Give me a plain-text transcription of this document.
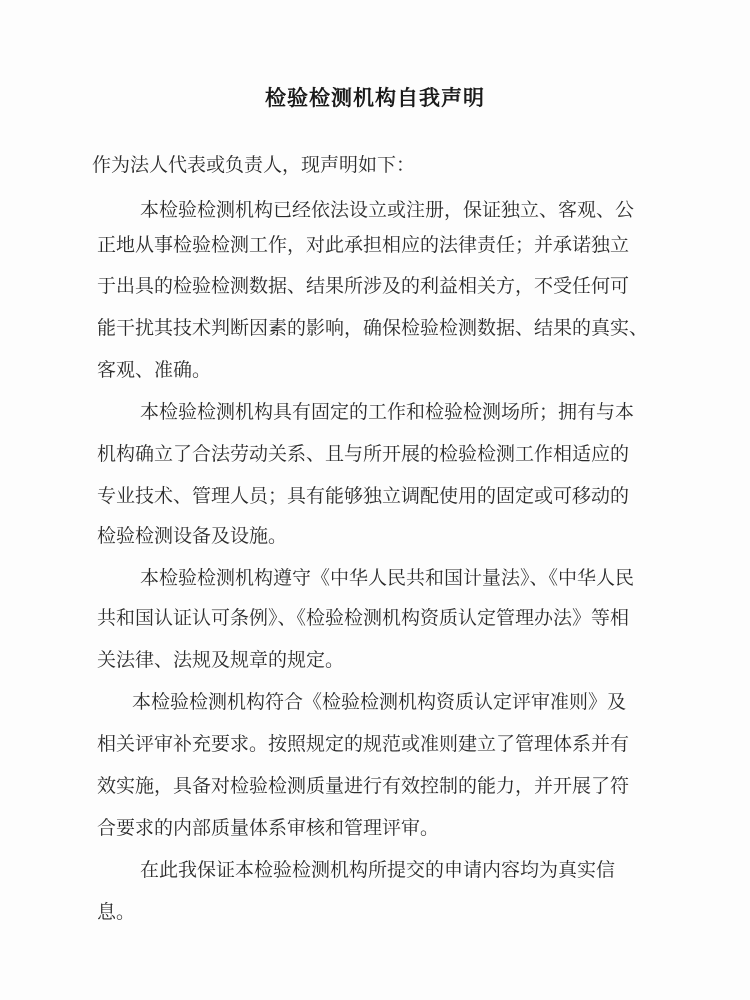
检验检测机构自我声明
作为法人代表或负责人，现声明如下：
本检验检测机构已经依法设立或注册，保证独立、客观、公
正地从事检验检测工作，对此承担相应的法律责任；并承诺独立
于出具的检验检测数据、结果所涉及的利益相关方，不受任何可
能干扰其技术判断因素的影响，确保检验检测数据、结果的真实、
客观、准确。
本检验检测机构具有固定的工作和检验检测场所；拥有与本
机构确立了合法劳动关系、且与所开展的检验检测工作相适应的
专业技术、管理人员；具有能够独立调配使用的固定或可移动的
检验检测设备及设施。
本检验检测机构遵守《中华人民共和国计量法》、《中华人民
共和国认证认可条例》、《检验检测机构资质认定管理办法》等相
关法律、法规及规章的规定。
本检验检测机构符合《检验检测机构资质认定评审准则》及
相关评审补充要求。按照规定的规范或准则建立了管理体系并有
效实施，具备对检验检测质量进行有效控制的能力，并开展了符
合要求的内部质量体系审核和管理评审。
在此我保证本检验检测机构所提交的申请内容均为真实信
息。
